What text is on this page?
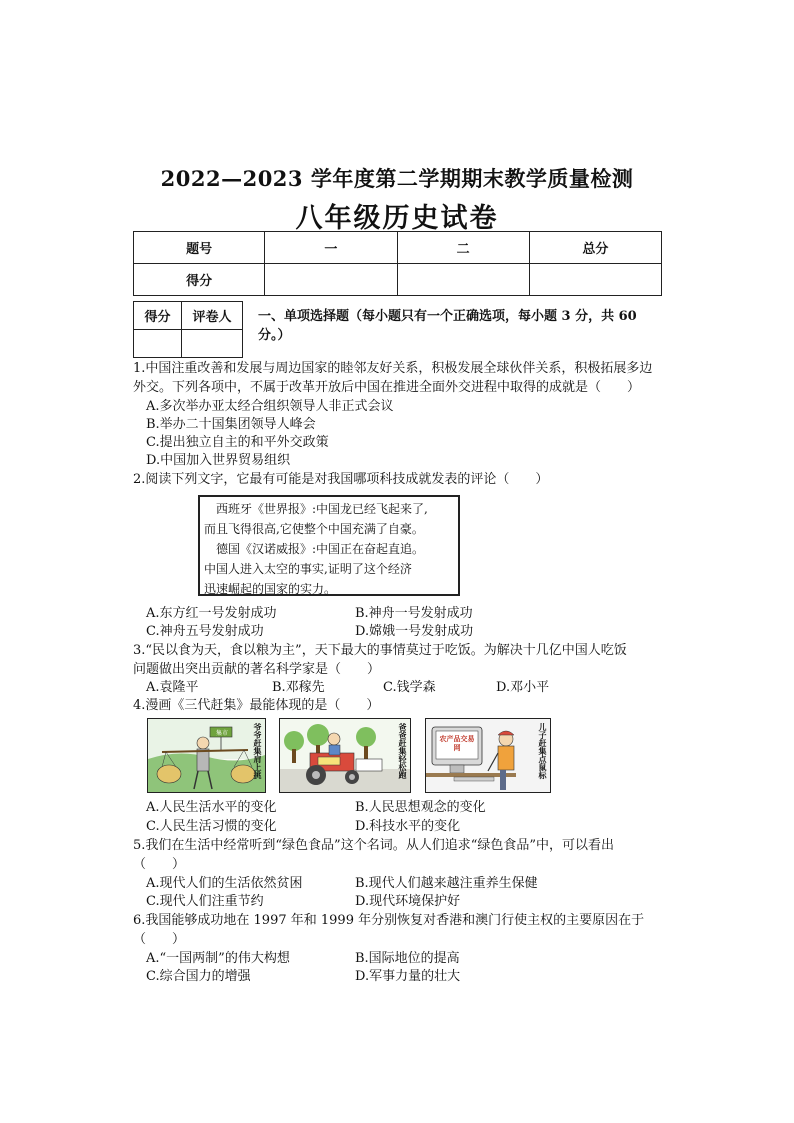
2022—2023 学年度第二学期期末教学质量检测
八年级历史试卷
题号	一	二	总分
得分			
得分	评卷人
	一、单项选择题（每小题只有一个正确选项，每小题 3 分，共 60
分。）
1.中国注重改善和发展与周边国家的睦邻友好关系，积极发展全球伙伴关系，积极拓展多边
外交。下列各项中，不属于改革开放后中国在推进全面外交进程中取得的成就是（　　）
A.多次举办亚太经合组织领导人非正式会议
B.举办二十国集团领导人峰会
C.提出独立自主的和平外交政策
D.中国加入世界贸易组织
2.阅读下列文字，它最有可能是对我国哪项科技成就发表的评论（　　）
　西班牙《世界报》:中国龙已经飞起来了,
而且飞得很高,它使整个中国充满了自豪。
　德国《汉诺威报》:中国正在奋起直追。
中国人进入太空的事实,证明了这个经济
迅速崛起的国家的实力。
A.东方红一号发射成功	B.神舟一号发射成功
C.神舟五号发射成功	D.嫦娥一号发射成功
3.“民以食为天，食以粮为主”，天下最大的事情莫过于吃饭。为解决十几亿中国人吃饭
问题做出突出贡献的著名科学家是（　　）
A.袁隆平	B.邓稼先	C.钱学森	D.邓小平
4.漫画《三代赶集》最能体现的是（　　）
集市	爷爷赶集肩上挑	爸爸赶集轻松跑	农产品交易网	儿子赶集点鼠标
A.人民生活水平的变化	B.人民思想观念的变化
C.人民生活习惯的变化	D.科技水平的变化
5.我们在生活中经常听到“绿色食品”这个名词。从人们追求“绿色食品”中，可以看出
（　　）
A.现代人们的生活依然贫困	B.现代人们越来越注重养生保健
C.现代人们注重节约	D.现代环境保护好
6.我国能够成功地在 1997 年和 1999 年分别恢复对香港和澳门行使主权的主要原因在于
（　　）
A.“一国两制”的伟大构想	B.国际地位的提高
C.综合国力的增强	D.军事力量的壮大
